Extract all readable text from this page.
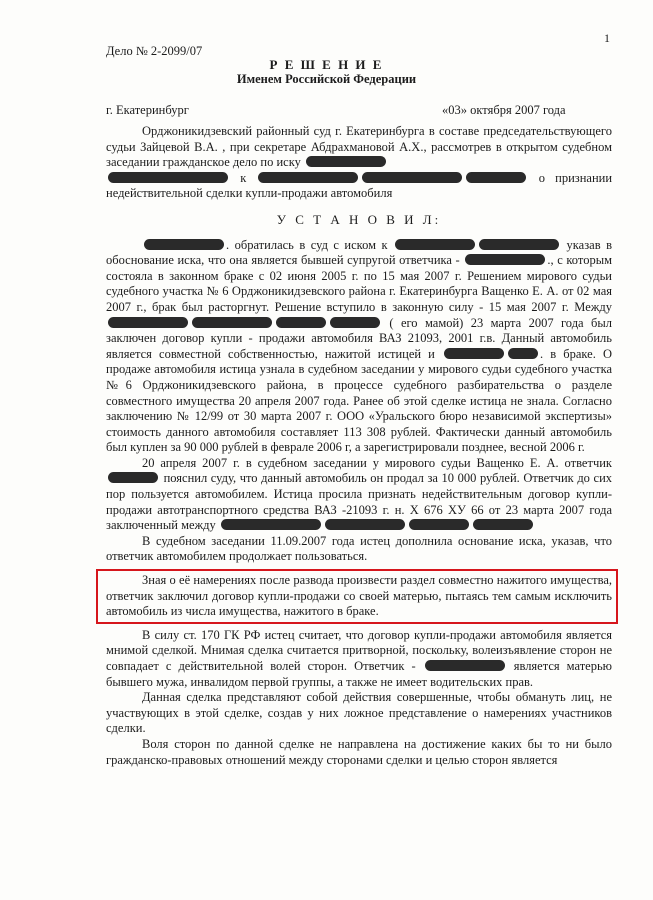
1
Дело № 2-2099/07
Р Е Ш Е Н И Е
Именем Российской Федерации
г. Екатеринбург	«03» октября 2007 года

Орджоникидзевский районный суд г. Екатеринбурга в составе председательствующего судьи Зайцевой В.А. , при секретаре Абдрахмановой А.Х., рассмотрев в открытом судебном заседании гражданское дело по иску
к	о признании недействительной сделки купли-продажи автомобиля

У С Т А Н О В И Л:

. обратилась в суд с иском к	указав в обоснование иска, что она является бывшей супругой ответчика -	., с которым состояла в законном браке с 02 июня 2005 г. по 15 мая 2007 г. Решением мирового судьи судебного участка № 6 Орджоникидзевского района г. Екатеринбурга Ващенко Е. А. от 02 мая 2007 г., брак был расторгнут. Решение вступило в законную силу - 15 мая 2007 г. Между  ( его мамой) 23 марта 2007 года был заключен договор купли - продажи автомобиля ВАЗ 21093, 2001 г.в. Данный автомобиль является совместной собственностью, нажитой истицей и	. в браке. О продаже автомобиля истица узнала в судебном заседании у мирового судьи судебного участка №6 Орджоникидзевского района, в процессе судебного разбирательства о разделе совместного имущества 20 апреля 2007 года. Ранее об этой сделке истица не знала. Согласно заключению № 12/99 от 30 марта 2007 г. ООО «Уральского бюро независимой экспертизы» стоимость данного автомобиля составляет 113 308 рублей. Фактически данный автомобиль был куплен за 90 000 рублей в феврале 2006 г, а зарегистрировали позднее, весной 2006 г.

20 апреля 2007 г. в судебном заседании у мирового судьи Ващенко Е. А. ответчик  пояснил суду, что данный автомобиль он продал за 10 000 рублей. Ответчик до сих пор пользуется автомобилем. Истица просила признать недействительным договор купли-продажи автотранспортного средства ВАЗ -21093 г. н. Х 676 ХУ 66 от 23 марта 2007 года заключенный между

В судебном заседании 11.09.2007 года истец дополнила основание иска, указав, что ответчик автомобилем продолжает пользоваться.

Зная о её намерениях после развода произвести раздел совместно нажитого имущества, ответчик заключил договор купли-продажи со своей матерью, пытаясь тем самым исключить автомобиль из числа имущества, нажитого в браке.

В силу ст. 170 ГК РФ истец считает, что договор купли-продажи автомобиля является мнимой сделкой. Мнимая сделка считается притворной, поскольку, волеизъявление сторон не совпадает с действительной волей сторон. Ответчик -	является матерью бывшего мужа, инвалидом первой группы, а также не имеет водительских прав.

Данная сделка представляют собой действия совершенные, чтобы обмануть лиц, не участвующих в этой сделке, создав у них ложное представление о намерениях участников сделки.

Воля сторон по данной сделке не направлена на достижение каких бы то ни было гражданско-правовых отношений между сторонами сделки и целью сторон является
